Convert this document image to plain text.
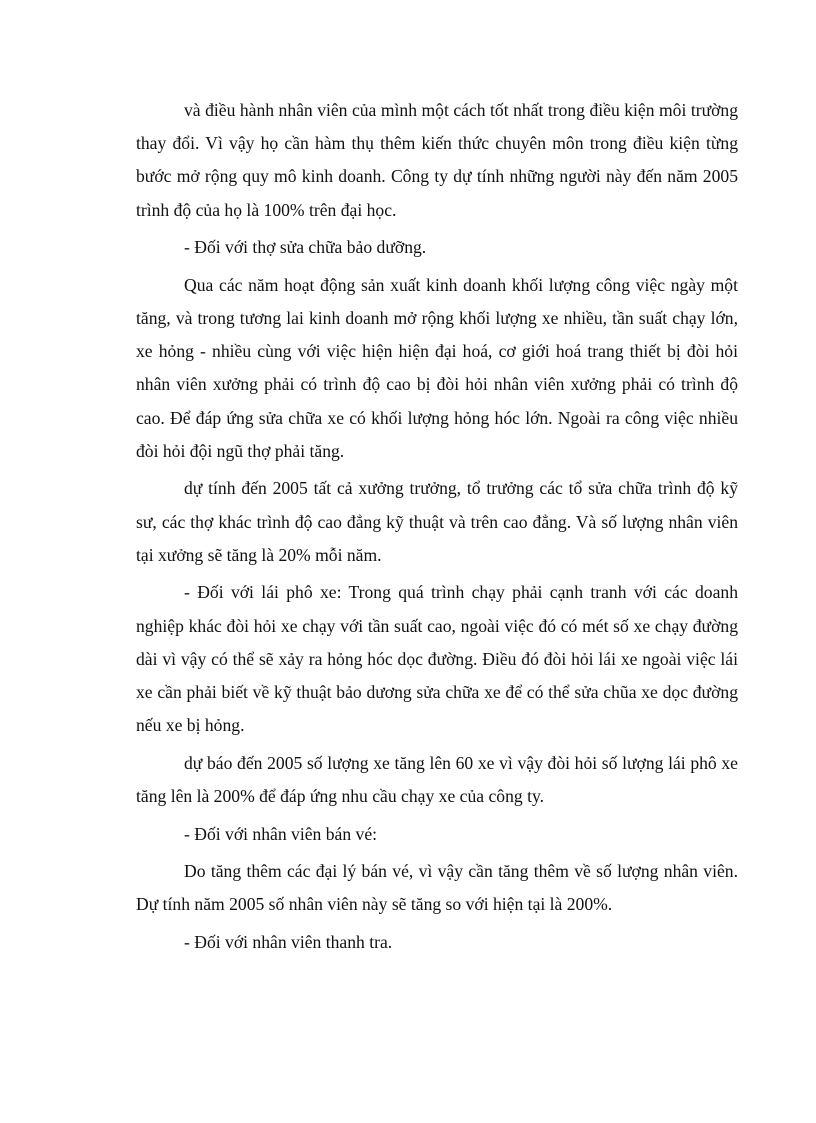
và điều hành nhân viên của mình một cách tốt nhất trong điều kiện môi trường thay đổi. Vì vậy họ cần hàm thụ thêm kiến thức chuyên môn trong điều kiện từng bước mở rộng quy mô kinh doanh. Công ty dự tính những người này đến năm 2005 trình độ của họ là 100% trên đại học.

- Đối với thợ sửa chữa bảo dưỡng.

Qua các năm hoạt động sản xuất kinh doanh khối lượng công việc ngày một tăng, và trong tương lai kinh doanh mở rộng khối lượng xe nhiều, tần suất chạy lớn, xe hỏng - nhiều cùng với việc hiện hiện đại hoá, cơ giới hoá trang thiết bị đòi hỏi nhân viên xưởng phải có trình độ cao bị đòi hỏi nhân viên xưởng phải có trình độ cao. Để đáp ứng sửa chữa xe có khối lượng hỏng hóc lớn. Ngoài ra công việc nhiều đòi hỏi đội ngũ thợ phải tăng.

dự tính đến 2005 tất cả xưởng trưởng, tổ trưởng các tổ sửa chữa trình độ kỹ sư, các thợ khác trình độ cao đẳng kỹ thuật và trên cao đẳng. Và số lượng nhân viên tại xưởng sẽ tăng là 20% mỗi năm.

- Đối với lái phô xe: Trong quá trình chạy phải cạnh tranh với các doanh nghiệp khác đòi hỏi xe chạy với tần suất cao, ngoài việc đó có mét số xe chạy đường dài vì vậy có thể sẽ xảy ra hỏng hóc dọc đường. Điều đó đòi hỏi lái xe ngoài việc lái xe cần phải biết về kỹ thuật bảo dương sửa chữa xe để có thể sửa chũa xe dọc đường nếu xe bị hỏng.

dự báo đến 2005 số lượng xe tăng lên 60 xe vì vậy đòi hỏi số lượng lái phô xe tăng lên là 200% để đáp ứng nhu cầu chạy xe của công ty.

- Đối với nhân viên bán vé:

Do tăng thêm các đại lý bán vé, vì vậy cần tăng thêm về số lượng nhân viên. Dự tính năm 2005 số nhân viên này sẽ tăng so với hiện tại là 200%.

- Đối với nhân viên thanh tra.
